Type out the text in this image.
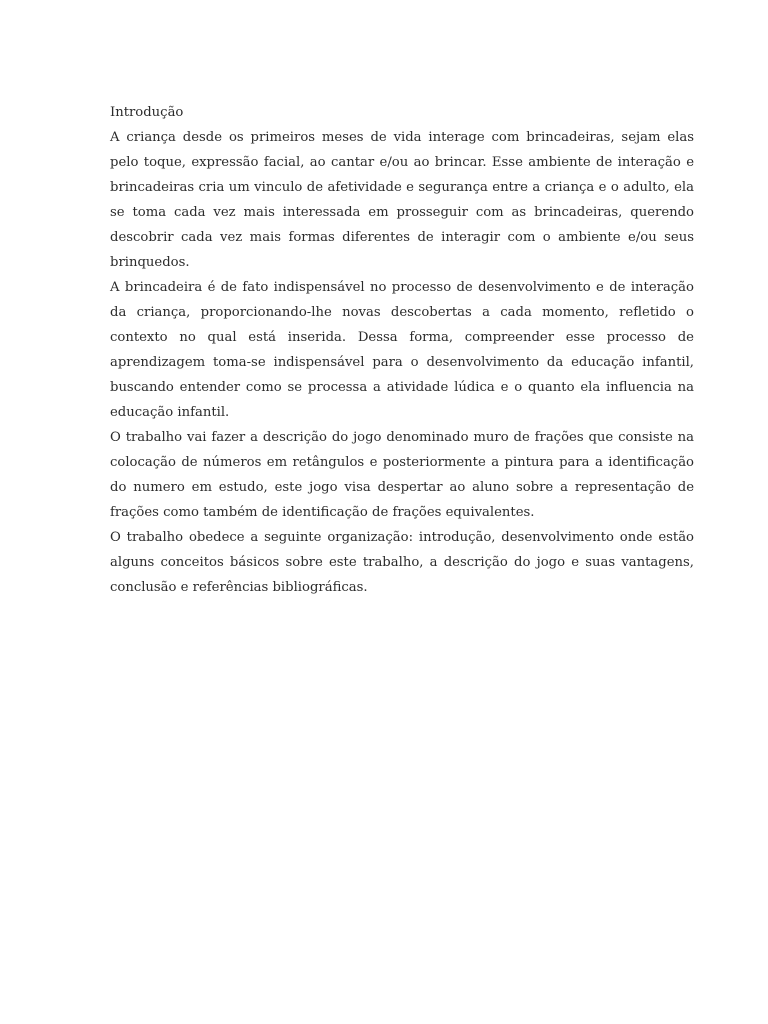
Introdução

A criança desde os primeiros meses de vida interage com brincadeiras, sejam elas pelo toque, expressão facial, ao cantar e/ou ao brincar. Esse ambiente de interação e brincadeiras cria um vinculo de afetividade e segurança entre a criança e o adulto, ela se toma cada vez mais interessada em prosseguir com as brincadeiras, querendo descobrir cada vez mais formas diferentes de interagir com o ambiente e/ou seus brinquedos.

A brincadeira é de fato indispensável no processo de desenvolvimento e de interação da criança, proporcionando-lhe novas descobertas a cada momento, refletido o contexto no qual está inserida. Dessa forma, compreender esse processo de aprendizagem toma-se indispensável para o desenvolvimento da educação infantil, buscando entender como se processa a atividade lúdica e o quanto ela influencia na educação infantil.

O trabalho vai fazer a descrição do jogo denominado muro de frações que consiste na colocação de números em retângulos e posteriormente a pintura para a identificação do numero em estudo, este jogo visa despertar ao aluno sobre a representação de frações como também de identificação de frações equivalentes.

O trabalho obedece a seguinte organização: introdução, desenvolvimento onde estão alguns conceitos básicos sobre este trabalho, a descrição do jogo e suas vantagens, conclusão e referências bibliográficas.
